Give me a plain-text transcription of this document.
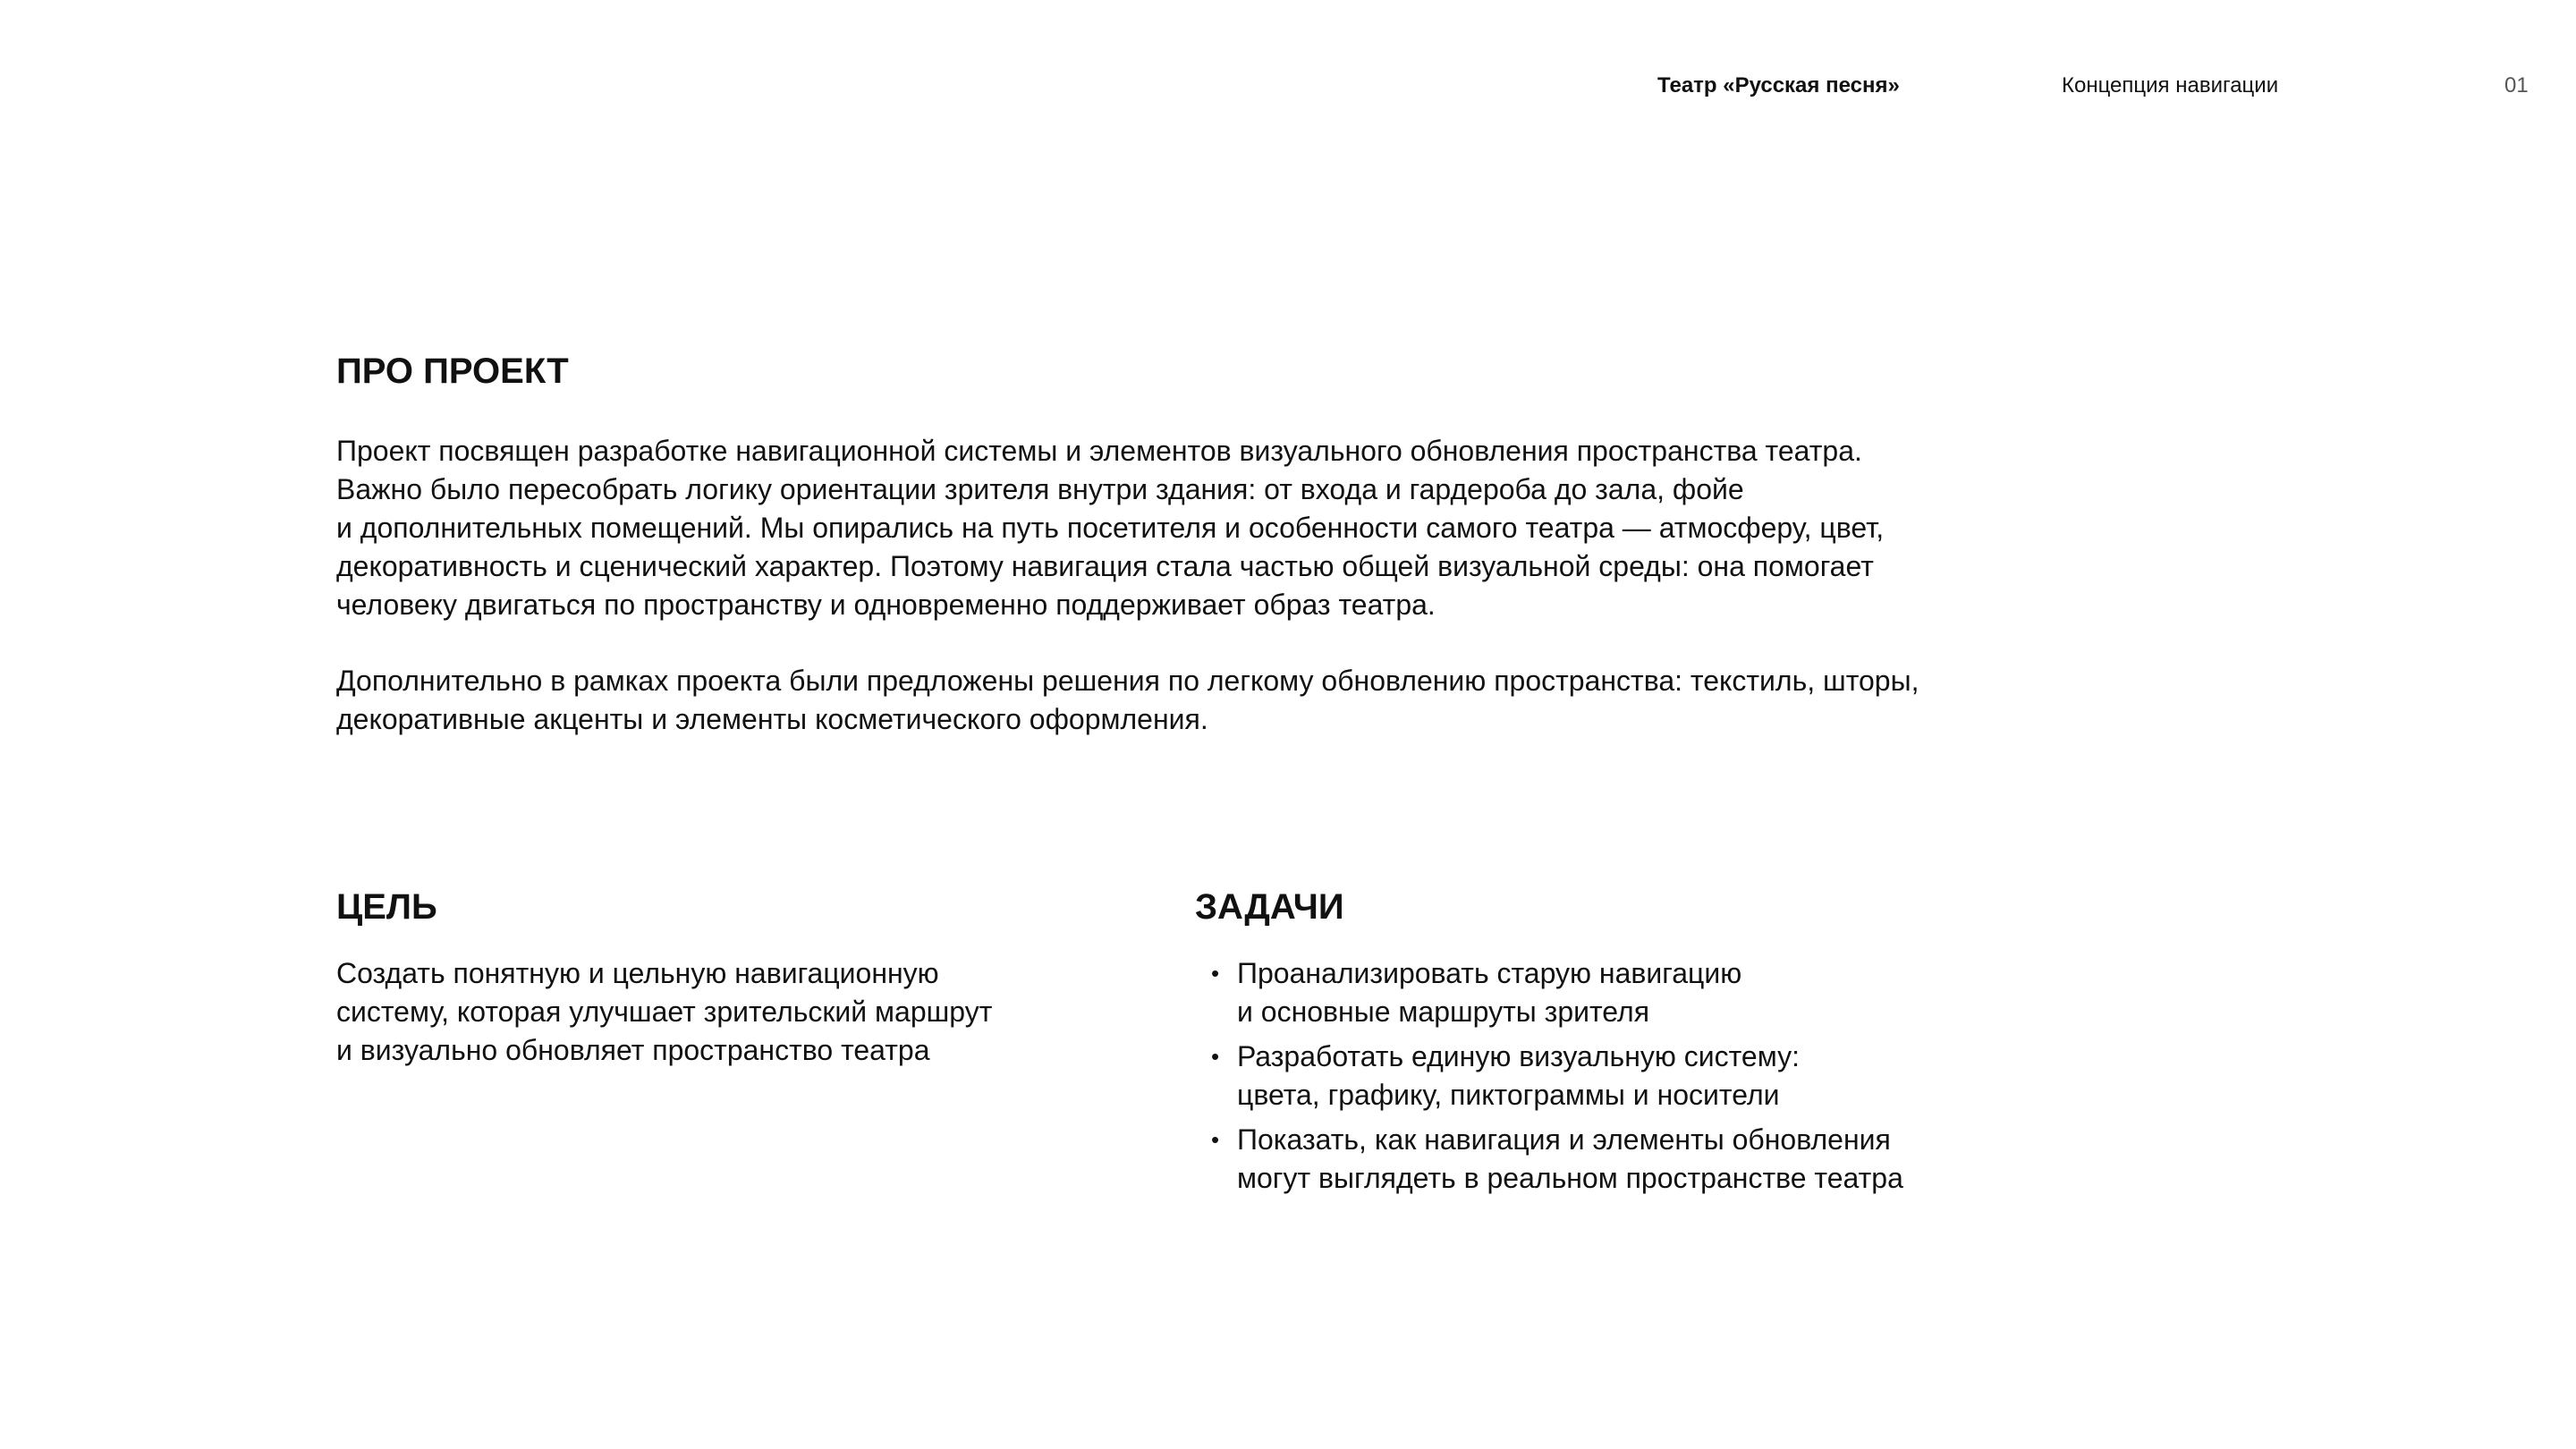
Театр «Русская песня»	Концепция навигации	01
ПРО ПРОЕКТ

Проект посвящен разработке навигационной системы и элементов визуального обновления пространства театра.
Важно было пересобрать логику ориентации зрителя внутри здания: от входа и гардероба до зала, фойе
и дополнительных помещений. Мы опирались на путь посетителя и особенности самого театра — атмосферу, цвет,
декоративность и сценический характер. Поэтому навигация стала частью общей визуальной среды: она помогает
человеку двигаться по пространству и одновременно поддерживает образ театра.

Дополнительно в рамках проекта были предложены решения по легкому обновлению пространства: текстиль, шторы,
декоративные акценты и элементы косметического оформления.

ЦЕЛЬ

Создать понятную и цельную навигационную
систему, которая улучшает зрительский маршрут
и визуально обновляет пространство театра

ЗАДАЧИ
• Проанализировать старую навигацию
и основные маршруты зрителя
• Разработать единую визуальную систему:
цвета, графику, пиктограммы и носители
• Показать, как навигация и элементы обновления
могут выглядеть в реальном пространстве театра
